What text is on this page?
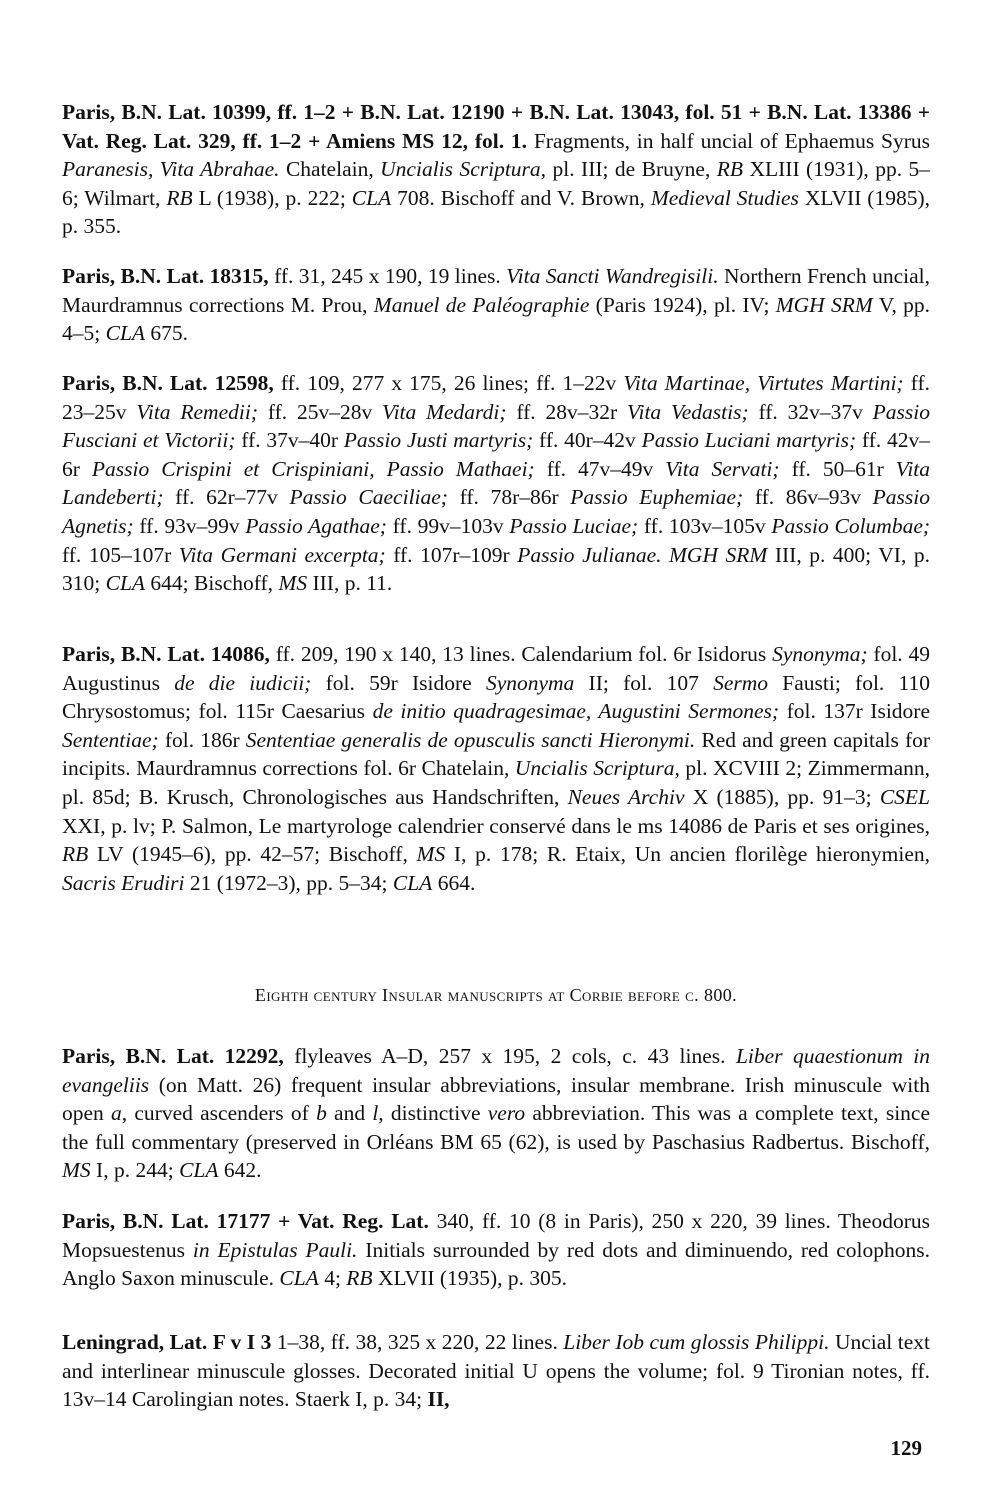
Paris, B.N. Lat. 10399, ff. 1–2 + B.N. Lat. 12190 + B.N. Lat. 13043, fol. 51 + B.N. Lat. 13386 + Vat. Reg. Lat. 329, ff. 1–2 + Amiens MS 12, fol. 1. Fragments, in half uncial of Ephaemus Syrus Paranesis, Vita Abrahae. Chatelain, Uncialis Scriptura, pl. III; de Bruyne, RB XLIII (1931), pp. 5–6; Wilmart, RB L (1938), p. 222; CLA 708. Bischoff and V. Brown, Medieval Studies XLVII (1985), p. 355.

Paris, B.N. Lat. 18315, ff. 31, 245 x 190, 19 lines. Vita Sancti Wandregisili. Northern French uncial, Maurdramnus corrections M. Prou, Manuel de Paléographie (Paris 1924), pl. IV; MGH SRM V, pp. 4–5; CLA 675.

Paris, B.N. Lat. 12598, ff. 109, 277 x 175, 26 lines; ff. 1–22v Vita Martinae, Virtutes Martini; ff. 23–25v Vita Remedii; ff. 25v–28v Vita Medardi; ff. 28v–32r Vita Vedastis; ff. 32v–37v Passio Fusciani et Victorii; ff. 37v–40r Passio Justi martyris; ff. 40r–42v Passio Luciani martyris; ff. 42v–6r Passio Crispini et Crispiniani, Passio Mathaei; ff. 47v–49v Vita Servati; ff. 50–61r Vita Landeberti; ff. 62r–77v Passio Caeciliae; ff. 78r–86r Passio Euphemiae; ff. 86v–93v Passio Agnetis; ff. 93v–99v Passio Agathae; ff. 99v–103v Passio Luciae; ff. 103v–105v Passio Columbae; ff. 105–107r Vita Germani excerpta; ff. 107r–109r Passio Julianae. MGH SRM III, p. 400; VI, p. 310; CLA 644; Bischoff, MS III, p. 11.

Paris, B.N. Lat. 14086, ff. 209, 190 x 140, 13 lines. Calendarium fol. 6r Isidorus Synonyma; fol. 49 Augustinus de die iudicii; fol. 59r Isidore Synonyma II; fol. 107 Sermo Fausti; fol. 110 Chrysostomus; fol. 115r Caesarius de initio quadragesimae, Augustini Sermones; fol. 137r Isidore Sententiae; fol. 186r Sententiae generalis de opusculis sancti Hieronymi. Red and green capitals for incipits. Maurdramnus corrections fol. 6r Chatelain, Uncialis Scriptura, pl. XCVIII 2; Zimmermann, pl. 85d; B. Krusch, Chronologisches aus Handschriften, Neues Archiv X (1885), pp. 91–3; CSEL XXI, p. lv; P. Salmon, Le martyrologe calendrier conservé dans le ms 14086 de Paris et ses origines, RB LV (1945–6), pp. 42–57; Bischoff, MS I, p. 178; R. Etaix, Un ancien florilège hieronymien, Sacris Erudiri 21 (1972–3), pp. 5–34; CLA 664.

Eighth century Insular manuscripts at Corbie before c. 800.

Paris, B.N. Lat. 12292, flyleaves A–D, 257 x 195, 2 cols, c. 43 lines. Liber quaestionum in evangeliis (on Matt. 26) frequent insular abbreviations, insular membrane. Irish minuscule with open a, curved ascenders of b and l, distinctive vero abbreviation. This was a complete text, since the full commentary (preserved in Orléans BM 65 (62), is used by Paschasius Radbertus. Bischoff, MS I, p. 244; CLA 642.

Paris, B.N. Lat. 17177 + Vat. Reg. Lat. 340, ff. 10 (8 in Paris), 250 x 220, 39 lines. Theodorus Mopsuestenus in Epistulas Pauli. Initials surrounded by red dots and diminuendo, red colophons. Anglo Saxon minuscule. CLA 4; RB XLVII (1935), p. 305.

Leningrad, Lat. F v I 3 1–38, ff. 38, 325 x 220, 22 lines. Liber Iob cum glossis Philippi. Uncial text and interlinear minuscule glosses. Decorated initial U opens the volume; fol. 9 Tironian notes, ff. 13v–14 Carolingian notes. Staerk I, p. 34; II,

129
